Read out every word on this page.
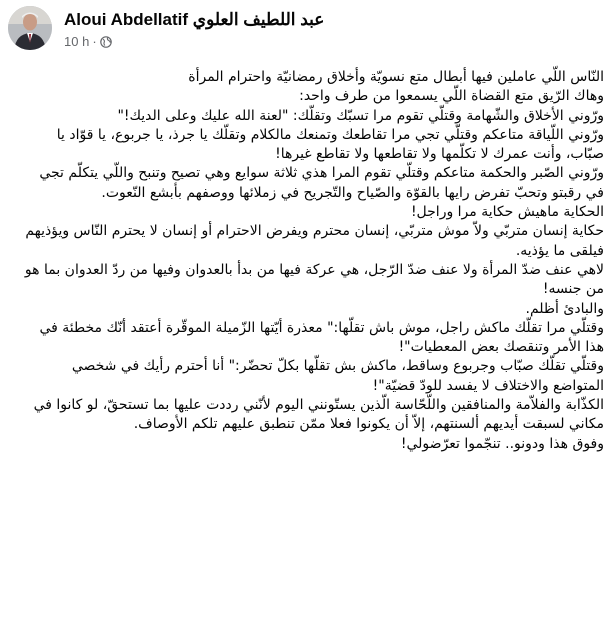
Aloui Abdellatif عبد اللطيف العلوي
10 h ·

النّاس اللّي عاملين فيها أبطال متع نسويّة وأخلاق رمضانيّة واحترام المرأة

وهاك الرّيق متع القضاة اللّي يسمعوا من طرف واحد:

ورّوني الأخلاق والشّهامة وقتلّي تقوم مرا تسبّك وتقلّك: "لعنة الله عليك وعلى الديك!"

ورّوني اللّياقة متاعكم وقتلّي تجي مرا تقاطعك وتمنعك مالكلام وتقلّك يا جرذ، يا جربوع، يا قوّاد يا صبّاب، وأنت عمرك لا تكلّمها ولا تقاطعها ولا تقاطع غيرها!

ورّوني الصّبر والحكمة متاعكم وقتلّي تقوم المرا هذي ثلاثة سوايع وهي تصيح وتنبح واللّي يتكلّم تجي في رقبتو وتحبّ تفرض رايها بالقوّة والصّياح والتّجريح في زملائها ووصفهم بأبشع النّعوت.

الحكاية ماهيش حكاية مرا وراجل!

حكاية إنسان متربّي ولاّ موش متربّي، إنسان محترم ويفرض الاحترام أو إنسان لا يحترم النّاس ويؤذيهم فيلقى ما يؤذيه.

لاهي عنف ضدّ المرأة ولا عنف ضدّ الرّجل، هي عركة فيها من بدأ بالعدوان وفيها من ردّ العدوان بما هو من جنسه!

والبادئ أظلم.

وقتلّي مرا تقلّك ماكش راجل، موش باش تقلّها:" معذرة أيّتها الزّميلة الموقّرة أعتقد أنّك مخطئة في هذا الأمر وتنقصك بعض المعطيات"!

وقتلّي تقلّك صبّاب وجربوع وساقط، ماكش بش تقلّها بكلّ تحضّر:" أنا أحترم رأيك في شخصي المتواضع والاختلاف لا يفسد للودّ قضيّة"!

الكذّابة والفلاّمة والمنافقين واللّحّاسة الّذين يستّونني اليوم لأنّني رددت عليها بما تستحقّ، لو كانوا في مكاني لسبقت أيديهم ألسنتهم، إلاّ أن يكونوا فعلا ممّن تنطبق عليهم تلكم الأوصاف.

وفوق هذا ودونو.. تنجّموا تعرّضولي!
